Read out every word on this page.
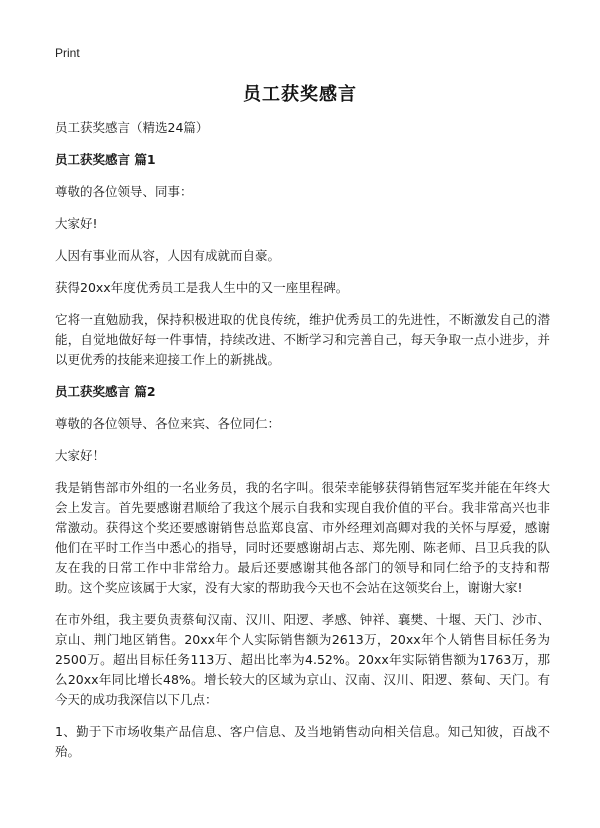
Print
员工获奖感言

员工获奖感言（精选24篇）

员工获奖感言 篇1

尊敬的各位领导、同事：

大家好!

人因有事业而从容，人因有成就而自豪。

获得20xx年度优秀员工是我人生中的又一座里程碑。

它将一直勉励我，保持积极进取的优良传统，维护优秀员工的先进性，不断激发自己的潜能，自觉地做好每一件事情，持续改进、不断学习和完善自己，每天争取一点小进步，并以更优秀的技能来迎接工作上的新挑战。

员工获奖感言 篇2

尊敬的各位领导、各位来宾、各位同仁：

大家好！

我是销售部市外组的一名业务员，我的名字叫。很荣幸能够获得销售冠军奖并能在年终大会上发言。首先要感谢君顺给了我这个展示自我和实现自我价值的平台。我非常高兴也非常激动。获得这个奖还要感谢销售总监郑良富、市外经理刘高卿对我的关怀与厚爱，感谢他们在平时工作当中悉心的指导，同时还要感谢胡占志、郑先刚、陈老师、吕卫兵我的队友在我的日常工作中非常给力。最后还要感谢其他各部门的领导和同仁给予的支持和帮助。这个奖应该属于大家，没有大家的帮助我今天也不会站在这领奖台上，谢谢大家!

在市外组，我主要负责蔡甸汉南、汉川、阳逻、孝感、钟祥、襄樊、十堰、天门、沙市、京山、荆门地区销售。20xx年个人实际销售额为2613万，20xx年个人销售目标任务为2500万。超出目标任务113万、超出比率为4.52%。20xx年实际销售额为1763万，那么20xx年同比增长48%。增长较大的区域为京山、汉南、汉川、阳逻、蔡甸、天门。有今天的成功我深信以下几点：

1、勤于下市场收集产品信息、客户信息、及当地销售动向相关信息。知己知彼，百战不殆。
